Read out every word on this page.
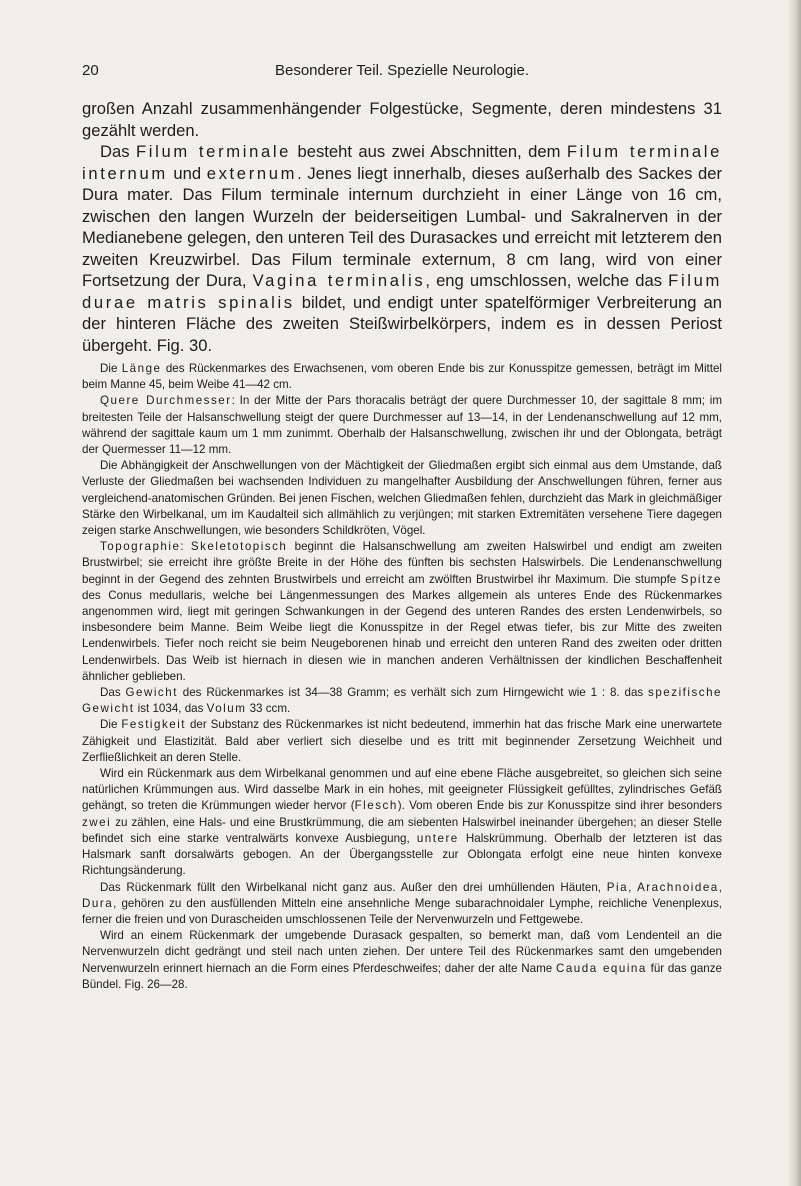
20	Besonderer Teil. Spezielle Neurologie.

großen Anzahl zusammenhängender Folgestücke, Segmente, deren mindestens 31 gezählt werden.

Das Filum terminale besteht aus zwei Abschnitten, dem Filum terminale internum und externum. Jenes liegt innerhalb, dieses außerhalb des Sackes der Dura mater. Das Filum terminale internum durchzieht in einer Länge von 16 cm, zwischen den langen Wurzeln der beiderseitigen Lumbal- und Sakralnerven in der Medianebene gelegen, den unteren Teil des Durasackes und erreicht mit letzterem den zweiten Kreuzwirbel. Das Filum terminale externum, 8 cm lang, wird von einer Fortsetzung der Dura, Vagina terminalis, eng umschlossen, welche das Filum durae matris spinalis bildet, und endigt unter spatelförmiger Verbreiterung an der hinteren Fläche des zweiten Steißwirbelkörpers, indem es in dessen Periost übergeht. Fig. 30.

Die Länge des Rückenmarkes des Erwachsenen, vom oberen Ende bis zur Konusspitze gemessen, beträgt im Mittel beim Manne 45, beim Weibe 41—42 cm.

Quere Durchmesser: In der Mitte der Pars thoracalis beträgt der quere Durchmesser 10, der sagittale 8 mm; im breitesten Teile der Halsanschwellung steigt der quere Durchmesser auf 13—14, in der Lendenanschwellung auf 12 mm, während der sagittale kaum um 1 mm zunimmt. Oberhalb der Halsanschwellung, zwischen ihr und der Oblongata, beträgt der Quermesser 11—12 mm.

Die Abhängigkeit der Anschwellungen von der Mächtigkeit der Gliedmaßen ergibt sich einmal aus dem Umstande, daß Verluste der Gliedmaßen bei wachsenden Individuen zu mangelhafter Ausbildung der Anschwellungen führen, ferner aus vergleichend-anatomischen Gründen. Bei jenen Fischen, welchen Gliedmaßen fehlen, durchzieht das Mark in gleichmäßiger Stärke den Wirbelkanal, um im Kaudalteil sich allmählich zu verjüngen; mit starken Extremitäten versehene Tiere dagegen zeigen starke Anschwellungen, wie besonders Schildkröten, Vögel.

Topographie: Skeletotopisch beginnt die Halsanschwellung am zweiten Halswirbel und endigt am zweiten Brustwirbel; sie erreicht ihre größte Breite in der Höhe des fünften bis sechsten Halswirbels. Die Lendenanschwellung beginnt in der Gegend des zehnten Brustwirbels und erreicht am zwölften Brustwirbel ihr Maximum. Die stumpfe Spitze des Conus medullaris, welche bei Längenmessungen des Markes allgemein als unteres Ende des Rückenmarkes angenommen wird, liegt mit geringen Schwankungen in der Gegend des unteren Randes des ersten Lendenwirbels, so insbesondere beim Manne. Beim Weibe liegt die Konusspitze in der Regel etwas tiefer, bis zur Mitte des zweiten Lendenwirbels. Tiefer noch reicht sie beim Neugeborenen hinab und erreicht den unteren Rand des zweiten oder dritten Lendenwirbels. Das Weib ist hiernach in diesen wie in manchen anderen Verhältnissen der kindlichen Beschaffenheit ähnlicher geblieben.

Das Gewicht des Rückenmarkes ist 34—38 Gramm; es verhält sich zum Hirngewicht wie 1 : 8. das spezifische Gewicht ist 1034, das Volum 33 ccm.

Die Festigkeit der Substanz des Rückenmarkes ist nicht bedeutend, immerhin hat das frische Mark eine unerwartete Zähigkeit und Elastizität. Bald aber verliert sich dieselbe und es tritt mit beginnender Zersetzung Weichheit und Zerfließlichkeit an deren Stelle.

Wird ein Rückenmark aus dem Wirbelkanal genommen und auf eine ebene Fläche ausgebreitet, so gleichen sich seine natürlichen Krümmungen aus. Wird dasselbe Mark in ein hohes, mit geeigneter Flüssigkeit gefülltes, zylindrisches Gefäß gehängt, so treten die Krümmungen wieder hervor (Flesch). Vom oberen Ende bis zur Konusspitze sind ihrer besonders zwei zu zählen, eine Hals- und eine Brustkrümmung, die am siebenten Halswirbel ineinander übergehen; an dieser Stelle befindet sich eine starke ventralwärts konvexe Ausbiegung, untere Halskrümmung. Oberhalb der letzteren ist das Halsmark sanft dorsalwärts gebogen. An der Übergangsstelle zur Oblongata erfolgt eine neue hinten konvexe Richtungsänderung.

Das Rückenmark füllt den Wirbelkanal nicht ganz aus. Außer den drei umhüllenden Häuten, Pia, Arachnoidea, Dura, gehören zu den ausfüllenden Mitteln eine ansehnliche Menge subarachnoidaler Lymphe, reichliche Venenplexus, ferner die freien und von Durascheiden umschlossenen Teile der Nervenwurzeln und Fettgewebe.

Wird an einem Rückenmark der umgebende Durasack gespalten, so bemerkt man, daß vom Lendenteil an die Nervenwurzeln dicht gedrängt und steil nach unten ziehen. Der untere Teil des Rückenmarkes samt den umgebenden Nervenwurzeln erinnert hiernach an die Form eines Pferdeschweifes; daher der alte Name Cauda equina für das ganze Bündel. Fig. 26—28.
